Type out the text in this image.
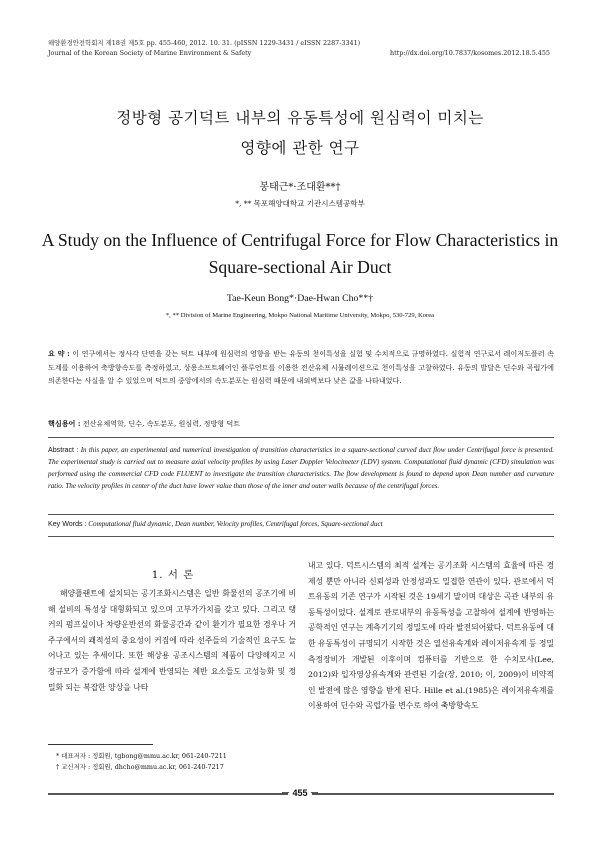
해양환경안전학회지 제18권 제5호 pp. 455-460, 2012. 10. 31. (pISSN 1229-3431 / eISSN 2287-3341)
Journal of the Korean Society of Marine Environment & Safety	http://dx.doi.org/10.7837/kosomes.2012.18.5.455
정방형 공기덕트 내부의 유동특성에 원심력이 미치는
영향에 관한 연구
봉태근*·조대환**†
*, ** 목포해양대학교 기관시스템공학부
A Study on the Influence of Centrifugal Force for Flow Characteristics in
Square-sectional Air Duct
Tae-Keun Bong*·Dae-Hwan Cho**†
*, ** Division of Marine Engineering, Mokpo National Maritime University, Mokpo, 530-729, Korea
요 약 : 이 연구에서는 정사각 단면을 갖는 덕트 내부에 원심력의 영향을 받는 유동의 천이특성을 실험 및 수치적으로 규명하였다. 실험적 연구로서 레이저도플러 속도계를 이용하여 축방향속도를 측정하였고, 상용소프트웨어인 플루언트를 이용한 전산유체 시뮬레이션으로 천이특성을 고찰하였다. 유동의 발달은 딘수와 곡럽가에 의존한다는 사실을 알 수 있었으며 덕트의 중앙에서의 속도분포는 원심력 때문에 내외벽보다 낮은 값을 나타내었다.
핵심용어 : 전산유체역학, 딘수, 속도분포, 원심력, 정방형 덕트
Abstract : In this paper, an experimental and numerical investigation of transition characteristics in a square-sectional curved duct flow under Centrifugal force is presented. The experimental study is carried out to measure axial velocity profiles by using Laser Doppler Velocimeter (LDV) system. Computational fluid dynamic (CFD) simulation was performed using the commercial CFD code FLUENT to investigate the transition characteristics. The flow development is found to depend upon Dean number and curvature ratio. The velocity profiles in center of the duct have lower value than those of the inner and outer walls because of the centrifugal forces.
Key Words : Computational fluid dynamic, Dean number, Velocity profiles, Centrifugal forces, Square-sectional duct
1. 서 론
해양플랜트에 설치되는 공기조화시스템은 일반 화물선의 공조기에 비해 설비의 특성상 대형화되고 있으며 고부가가치를 갖고 있다. 그리고 탱커의 펌프실이나 차량운반선의 화물공간과 같이 환기가 필요한 경우나 거주구에서의 쾌적성의 중요성이 커짐에 따라 선주들의 기술적인 요구도 늘어나고 있는 추세이다. 또한 해상용 공조시스템의 제품이 다양해지고 시장규모가 증가함에 따라 설계에 반영되는 제반 요소들도 고성능화 및 정밀화 되는 복잡한 양상을 나타
내고 있다. 덕트시스템의 최적 설계는 공기조화 시스템의 효율에 따른 경제성 뿐만 아니라 신뢰성과 안정성과도 밀접한 연관이 있다. 관로에서 덕트유동의 기존 연구가 시작된 것은 19세기 말이며 대상은 곡관 내부의 유동특성이었다. 설계로 관로내부의 유동특성을 고찰하여 설계에 반영하는 공학적인 연구는 계측기기의 정밀도에 따라 발전되어왔다. 덕트유동에 대한 유동특성이 규명되기 시작한 것은 열선유속계와 레이저유속계 등 정밀 측정장비가 개발된 이후이며 컴퓨터를 기반으로 한 수치모사(Lee, 2012)와 입자영상유속계와 관련된 기술(장, 2010; 이, 2009)이 비약적인 발전에 많은 영향을 받게 된다. Hille et al.(1985)은 레이저유속계를 이용하여 딘수와 곡럽가를 변수로 하여 축방향속도
* 대표저자 : 정회원, tgbong@mmu.ac.kr, 061-240-7211
† 교신저자 : 정회원, dhcho@mmu.ac.kr, 061-240-7217
－ 455 －
